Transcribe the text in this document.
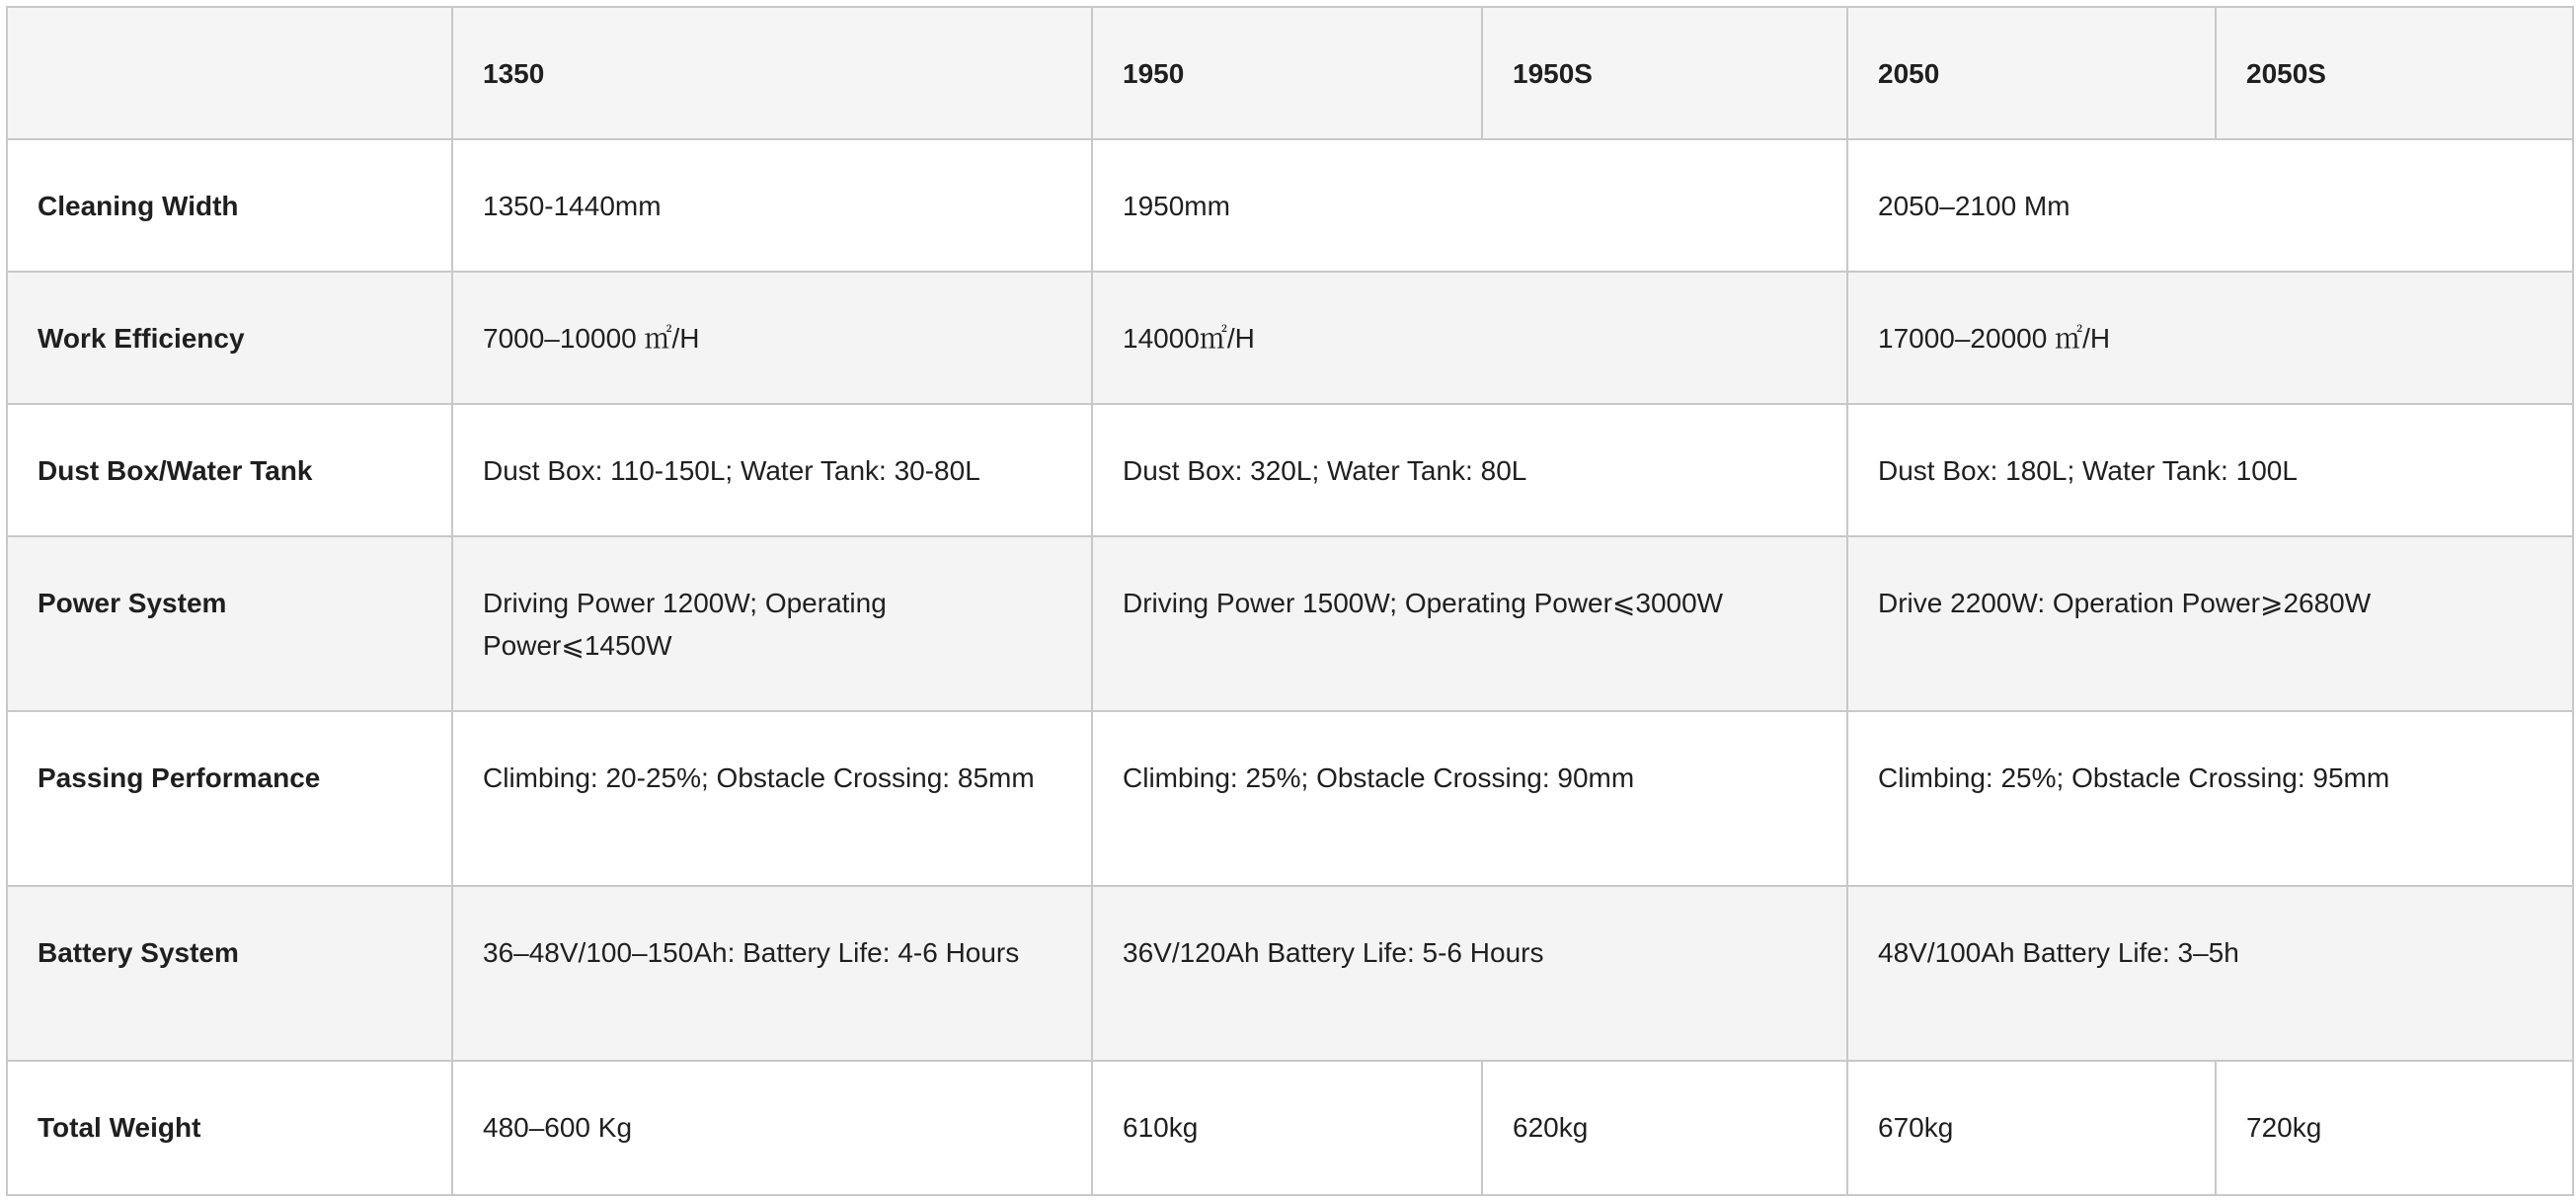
	1350	1950	1950S	2050	2050S
Cleaning Width	1350-1440mm	1950mm		2050–2100 Mm	
Work Efficiency	7000–10000 ㎡/H	14000㎡/H		17000–20000 ㎡/H	
Dust Box/Water Tank	Dust Box: 110-150L; Water Tank: 30-80L	Dust Box: 320L; Water Tank: 80L		Dust Box: 180L; Water Tank: 100L	
Power System	Driving Power 1200W; Operating Power⩽1450W	Driving Power 1500W; Operating Power⩽3000W		Drive 2200W: Operation Power⩾2680W	
Passing Performance	Climbing: 20-25%; Obstacle Crossing: 85mm	Climbing: 25%; Obstacle Crossing: 90mm		Climbing: 25%; Obstacle Crossing: 95mm	
Battery System	36–48V/100–150Ah: Battery Life: 4-6 Hours	36V/120Ah Battery Life: 5-6 Hours		48V/100Ah Battery Life: 3–5h	
Total Weight	480–600 Kg	610kg	620kg	670kg	720kg
